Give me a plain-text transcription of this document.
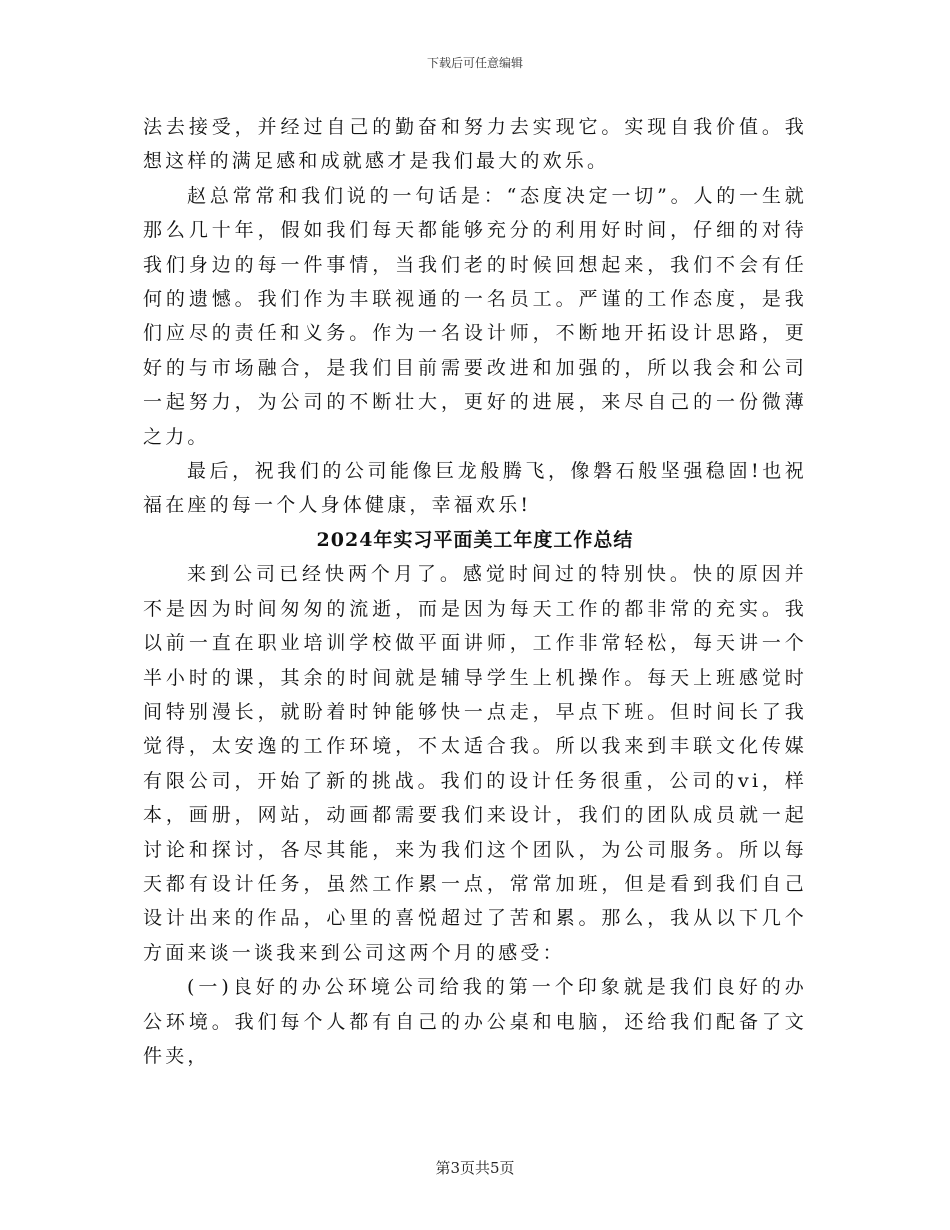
下载后可任意编辑

法去接受，并经过自己的勤奋和努力去实现它。实现自我价值。我想这样的满足感和成就感才是我们最大的欢乐。

赵总常常和我们说的一句话是：“态度决定一切”。人的一生就那么几十年，假如我们每天都能够充分的利用好时间，仔细的对待我们身边的每一件事情，当我们老的时候回想起来，我们不会有任何的遗憾。我们作为丰联视通的一名员工。严谨的工作态度，是我们应尽的责任和义务。作为一名设计师，不断地开拓设计思路，更好的与市场融合，是我们目前需要改进和加强的，所以我会和公司一起努力，为公司的不断壮大，更好的进展，来尽自己的一份微薄之力。

最后，祝我们的公司能像巨龙般腾飞，像磐石般坚强稳固!也祝福在座的每一个人身体健康，幸福欢乐!

2024年实习平面美工年度工作总结

来到公司已经快两个月了。感觉时间过的特别快。快的原因并不是因为时间匆匆的流逝，而是因为每天工作的都非常的充实。我以前一直在职业培训学校做平面讲师，工作非常轻松，每天讲一个半小时的课，其余的时间就是辅导学生上机操作。每天上班感觉时间特别漫长，就盼着时钟能够快一点走，早点下班。但时间长了我觉得，太安逸的工作环境，不太适合我。所以我来到丰联文化传媒有限公司，开始了新的挑战。我们的设计任务很重，公司的vi，样本，画册，网站，动画都需要我们来设计，我们的团队成员就一起讨论和探讨，各尽其能，来为我们这个团队，为公司服务。所以每天都有设计任务，虽然工作累一点，常常加班，但是看到我们自己设计出来的作品，心里的喜悦超过了苦和累。那么，我从以下几个方面来谈一谈我来到公司这两个月的感受：

(一)良好的办公环境公司给我的第一个印象就是我们良好的办公环境。我们每个人都有自己的办公桌和电脑，还给我们配备了文件夹，

第3页共5页
